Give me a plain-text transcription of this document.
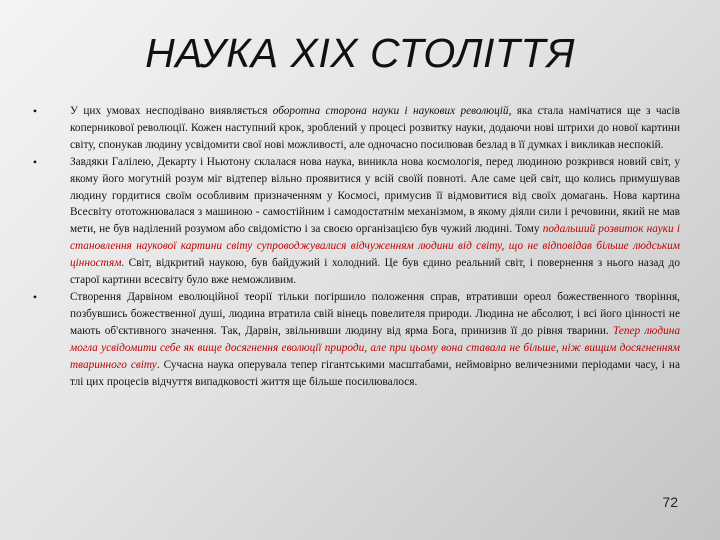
НАУКА ХІХ СТОЛІТТЯ
•	У цих умовах несподівано виявляється оборотна сторона науки і наукових революцій, яка стала намічатися ще з часів коперникової революції. Кожен наступний крок, зроблений у процесі розвитку науки, додаючи нові штрихи до нової картини світу, спонукав людину усвідомити свої нові можливості, але одночасно посилював безлад в її думках і викликав неспокій.
•	Завдяки Галілею, Декарту і Ньютону склалася нова наука, виникла нова космологія, перед людиною розкрився новий світ, у якому його могутній розум міг відтепер вільно проявитися у всій своїй повноті. Але саме цей світ, що колись примушував людину гордитися своїм особливим призначенням у Космосі, примусив її відмовитися від своїх домагань. Нова картина Всесвіту ототожнювалася з машиною - самостійним і самодостатнім механізмом, в якому діяли сили і речовини, який не мав мети, не був наділений розумом або свідомістю і за своєю організацією був чужий людині. Тому подальший розвиток науки і становлення наукової картини світу супроводжувалися відчуженням людини від світу, що не відповідав більше людським цінностям. Світ, відкритий наукою, був байдужий і холодний. Це був єдино реальний світ, і повернення з нього назад до старої картини всесвіту було вже неможливим.
•	Створення Дарвіном еволюційної теорії тільки погіршило положення справ, втративши ореол божественного творіння, позбувшись божественної душі, людина втратила свій вінець повелителя природи. Людина не абсолют, і всі його цінності не мають об'єктивного значення. Так, Дарвін, звільнивши людину від ярма Бога, принизив її до рівня тварини. Тепер людина могла усвідомити себе як вище досягнення еволюції природи, але при цьому вона ставала не більше, ніж вищим досягненням тваринного світу. Сучасна наука оперувала тепер гігантськими масштабами, неймовірно величезними періодами часу, і на тлі цих процесів відчуття випадковості життя ще більше посилювалося.
72
